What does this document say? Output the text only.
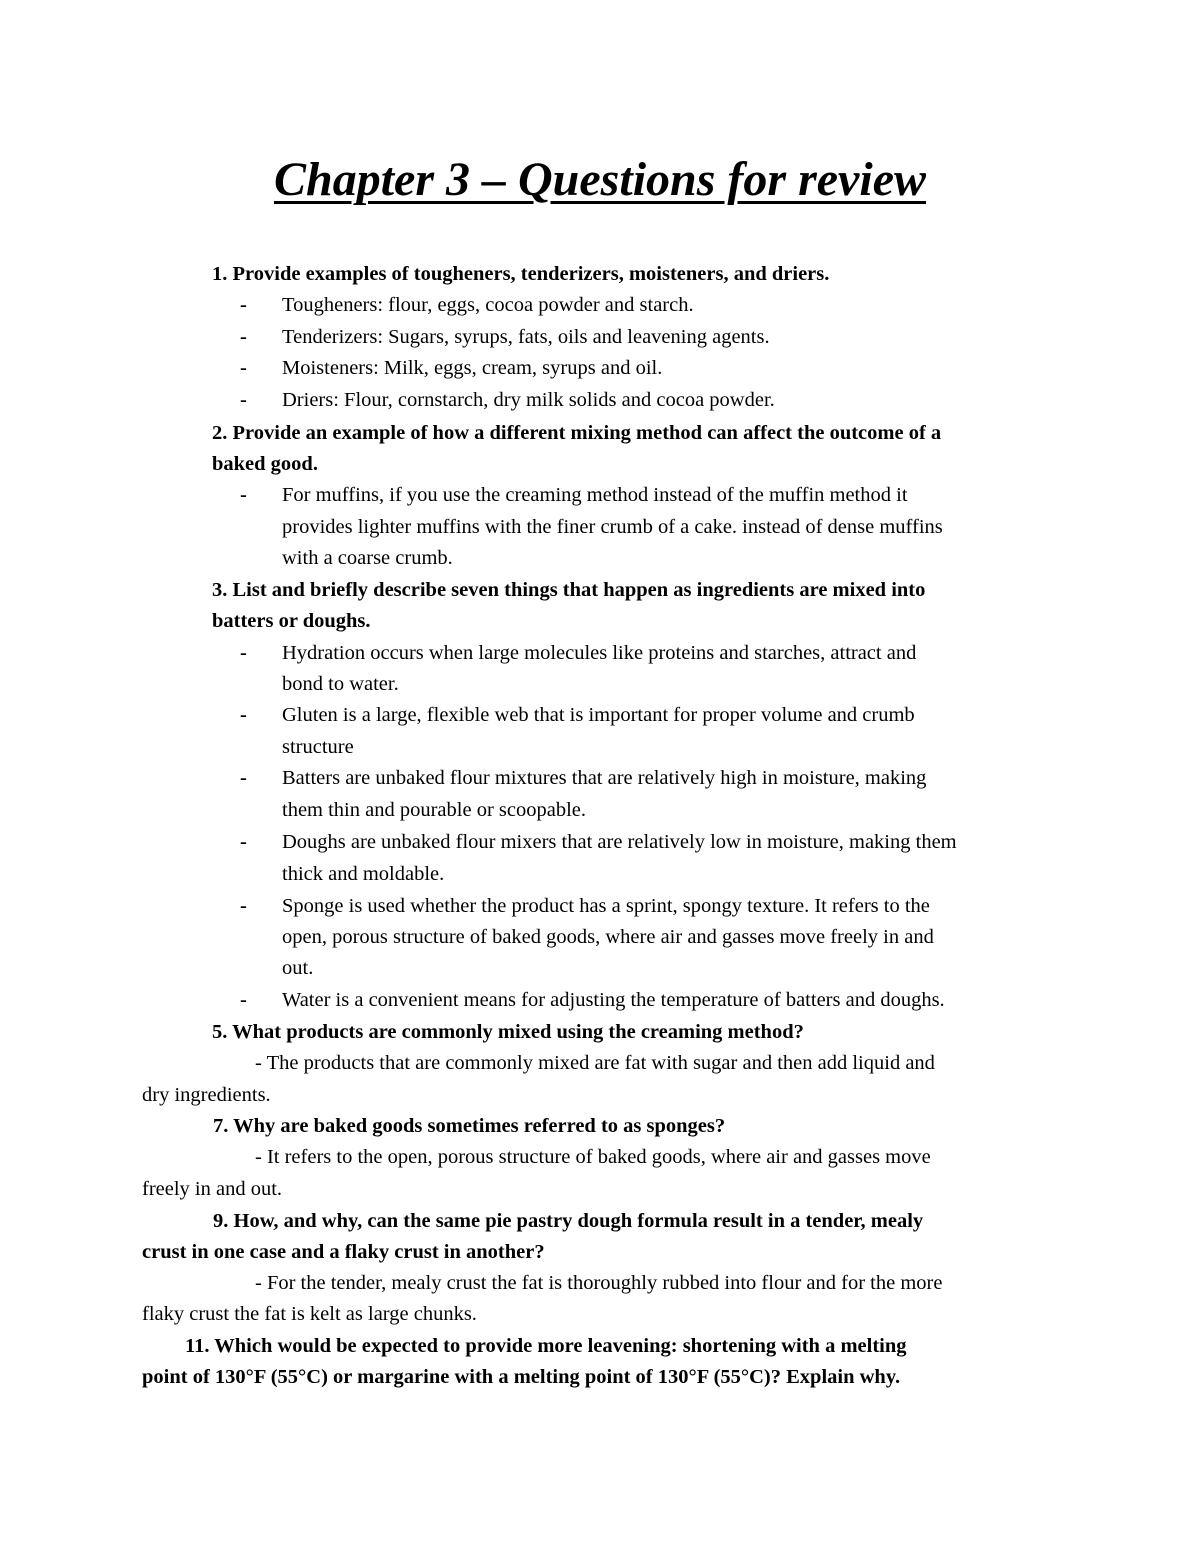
Chapter 3 – Questions for review
1. Provide examples of tougheners, tenderizers, moisteners, and driers.
- Tougheners: flour, eggs, cocoa powder and starch.
- Tenderizers: Sugars, syrups, fats, oils and leavening agents.
- Moisteners: Milk, eggs, cream, syrups and oil.
- Driers: Flour, cornstarch, dry milk solids and cocoa powder.
2. Provide an example of how a different mixing method can affect the outcome of a
baked good.
- For muffins, if you use the creaming method instead of the muffin method it
provides lighter muffins with the finer crumb of a cake. instead of dense muffins
with a coarse crumb.
3. List and briefly describe seven things that happen as ingredients are mixed into
batters or doughs.
- Hydration occurs when large molecules like proteins and starches, attract and
bond to water.
- Gluten is a large, flexible web that is important for proper volume and crumb
structure
- Batters are unbaked flour mixtures that are relatively high in moisture, making
them thin and pourable or scoopable.
- Doughs are unbaked flour mixers that are relatively low in moisture, making them
thick and moldable.
- Sponge is used whether the product has a sprint, spongy texture. It refers to the
open, porous structure of baked goods, where air and gasses move freely in and
out.
- Water is a convenient means for adjusting the temperature of batters and doughs.
5. What products are commonly mixed using the creaming method?
- The products that are commonly mixed are fat with sugar and then add liquid and
dry ingredients.
7. Why are baked goods sometimes referred to as sponges?
- It refers to the open, porous structure of baked goods, where air and gasses move
freely in and out.
9. How, and why, can the same pie pastry dough formula result in a tender, mealy
crust in one case and a flaky crust in another?
- For the tender, mealy crust the fat is thoroughly rubbed into flour and for the more
flaky crust the fat is kelt as large chunks.
11. Which would be expected to provide more leavening: shortening with a melting
point of 130°F (55°C) or margarine with a melting point of 130°F (55°C)? Explain why.
